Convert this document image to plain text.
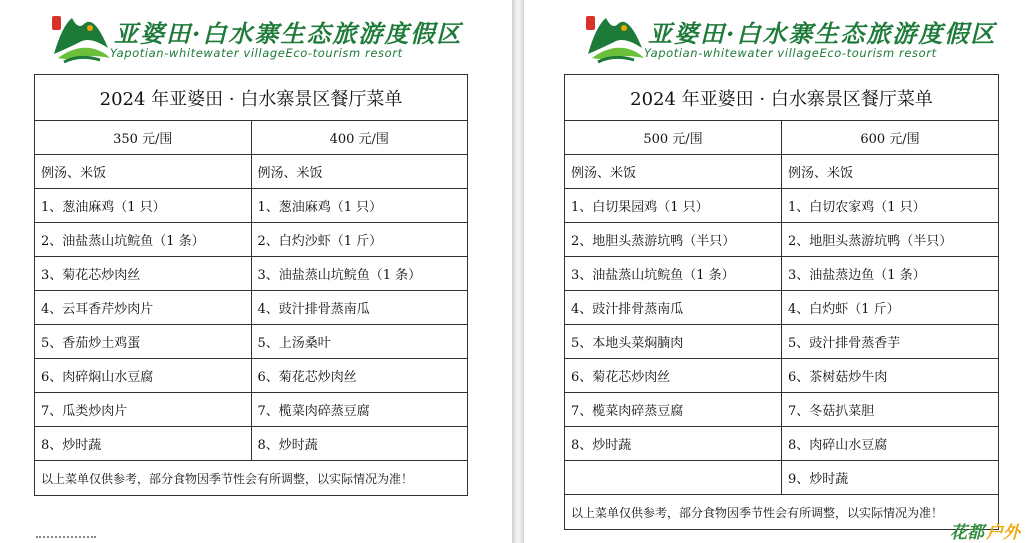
亚婆田·白水寨生态旅游度假区
Yapotian-whitewater villageEco-tourism resort
2024 年亚婆田 · 白水寨景区餐厅菜单	
350 元/围	400 元/围
例汤、米饭	例汤、米饭
1、葱油麻鸡（1 只）	1、葱油麻鸡（1 只）
2、油盐蒸山坑鲩鱼（1 条）	2、白灼沙虾（1 斤）
3、菊花芯炒肉丝	3、油盐蒸山坑鲩鱼（1 条）
4、云耳香芹炒肉片	4、豉汁排骨蒸南瓜
5、香茄炒土鸡蛋	5、上汤桑叶
6、肉碎焖山水豆腐	6、菊花芯炒肉丝
7、瓜类炒肉片	7、榄菜肉碎蒸豆腐
8、炒时蔬	8、炒时蔬
以上菜单仅供参考，部分食物因季节性会有所调整，以实际情况为准！	
亚婆田·白水寨生态旅游度假区
Yapotian-whitewater villageEco-tourism resort
2024 年亚婆田 · 白水寨景区餐厅菜单	
500 元/围	600 元/围
例汤、米饭	例汤、米饭
1、白切果园鸡（1 只）	1、白切农家鸡（1 只）
2、地胆头蒸游坑鸭（半只）	2、地胆头蒸游坑鸭（半只）
3、油盐蒸山坑鲩鱼（1 条）	3、油盐蒸边鱼（1 条）
4、豉汁排骨蒸南瓜	4、白灼虾（1 斤）
5、本地头菜焖腩肉	5、豉汁排骨蒸香芋
6、菊花芯炒肉丝	6、茶树菇炒牛肉
7、榄菜肉碎蒸豆腐	7、冬菇扒菜胆
8、炒时蔬	8、肉碎山水豆腐
	9、炒时蔬
以上菜单仅供参考，部分食物因季节性会有所调整，以实际情况为准！	
花都 户外
